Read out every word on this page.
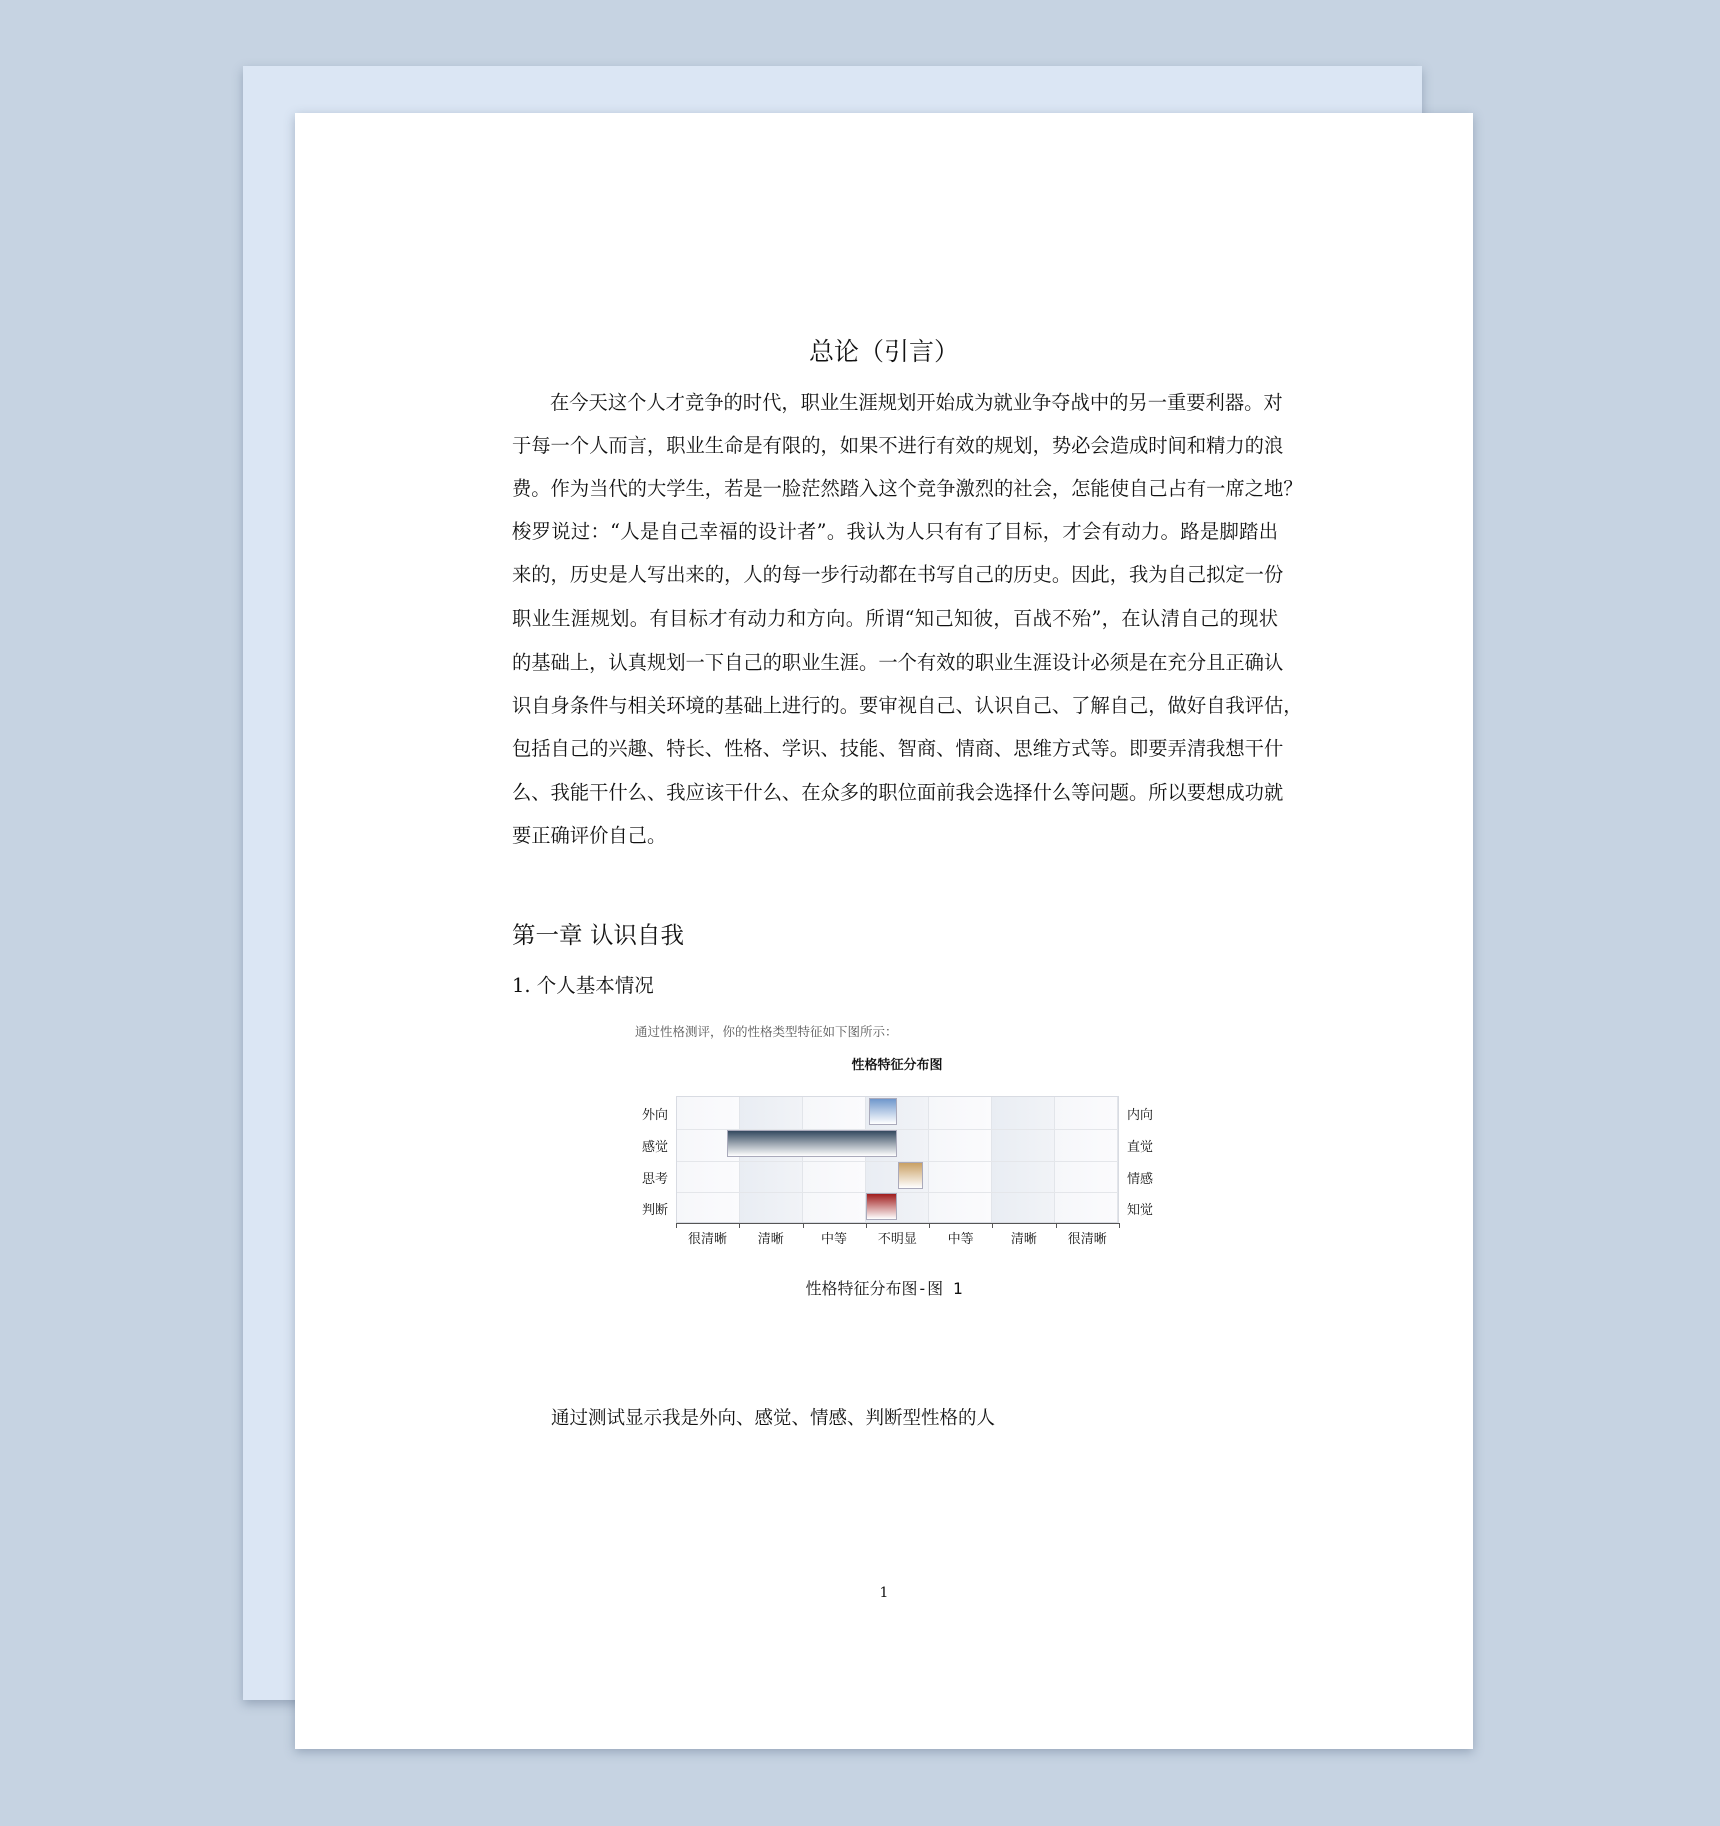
总论（引言）
在今天这个人才竞争的时代，职业生涯规划开始成为就业争夺战中的另一重要利器。对
于每一个人而言，职业生命是有限的，如果不进行有效的规划，势必会造成时间和精力的浪
费。作为当代的大学生，若是一脸茫然踏入这个竞争激烈的社会，怎能使自己占有一席之地？
梭罗说过：“人是自己幸福的设计者”。我认为人只有有了目标，才会有动力。路是脚踏出
来的，历史是人写出来的，人的每一步行动都在书写自己的历史。因此，我为自己拟定一份
职业生涯规划。有目标才有动力和方向。所谓“知己知彼，百战不殆”，在认清自己的现状
的基础上，认真规划一下自己的职业生涯。一个有效的职业生涯设计必须是在充分且正确认
识自身条件与相关环境的基础上进行的。要审视自己、认识自己、了解自己，做好自我评估，
包括自己的兴趣、特长、性格、学识、技能、智商、情商、思维方式等。即要弄清我想干什
么、我能干什么、我应该干什么、在众多的职位面前我会选择什么等问题。所以要想成功就
要正确评价自己。
第一章 认识自我
1. 个人基本情况
通过性格测评，你的性格类型特征如下图所示：
性格特征分布图
外向	内向
感觉	直觉
思考	情感
判断	知觉
很清晰	清晰	中等	不明显	中等	清晰	很清晰
性格特征分布图-图 1
通过测试显示我是外向、感觉、情感、判断型性格的人
1
